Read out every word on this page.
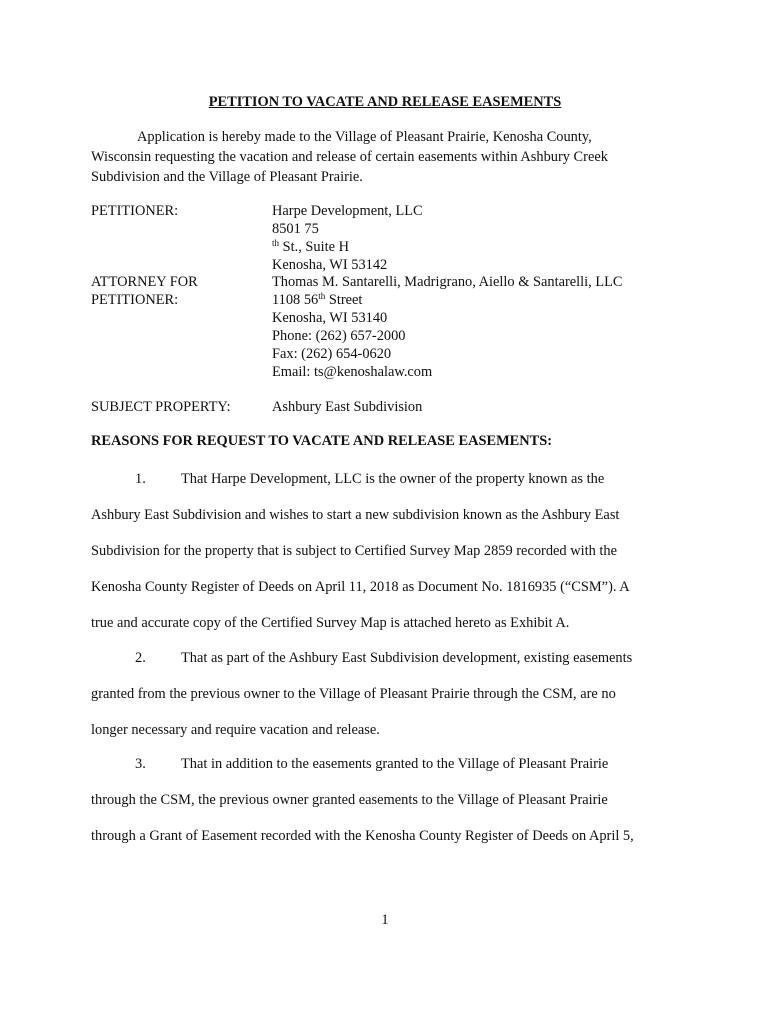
PETITION TO VACATE AND RELEASE EASEMENTS
Application is hereby made to the Village of Pleasant Prairie, Kenosha County,
Wisconsin requesting the vacation and release of certain easements within Ashbury Creek
Subdivision and the Village of Pleasant Prairie.
PETITIONER:	Harpe Development, LLC
8501 75
$^{th}$ St., Suite H
Kenosha, WI 53142
ATTORNEY FOR
PETITIONER:
Thomas M. Santarelli, Madrigrano, Aiello & Santarelli, LLC
1108 56th Street
Kenosha, WI 53140
Phone: (262) 657-2000
Fax: (262) 654-0620
Email: ts@kenoshalaw.com
SUBJECT PROPERTY:	Ashbury East Subdivision
REASONS FOR REQUEST TO VACATE AND RELEASE EASEMENTS:
1. That Harpe Development, LLC is the owner of the property known as the
Ashbury East Subdivision and wishes to start a new subdivision known as the Ashbury East
Subdivision for the property that is subject to Certified Survey Map 2859 recorded with the
Kenosha County Register of Deeds on April 11, 2018 as Document No. 1816935 (“CSM”). A
true and accurate copy of the Certified Survey Map is attached hereto as Exhibit A.
2. That as part of the Ashbury East Subdivision development, existing easements
granted from the previous owner to the Village of Pleasant Prairie through the CSM, are no
longer necessary and require vacation and release.
3. That in addition to the easements granted to the Village of Pleasant Prairie
through the CSM, the previous owner granted easements to the Village of Pleasant Prairie
through a Grant of Easement recorded with the Kenosha County Register of Deeds on April 5,
1
